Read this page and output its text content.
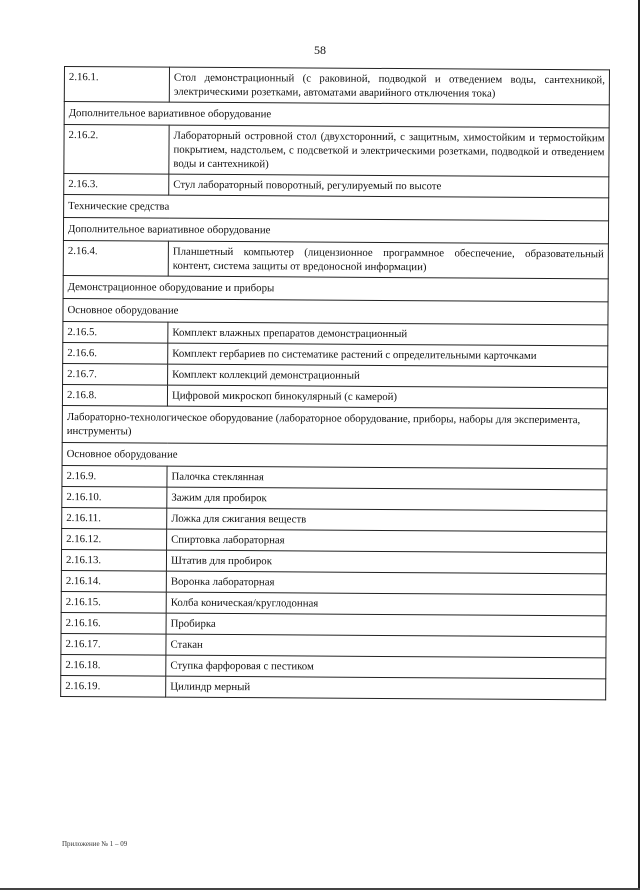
58
2.16.1.	Стол демонстрационный (с раковиной, подводкой и отведением воды, сантехникой, электрическими розетками, автоматами аварийного отключения тока)
Дополнительное вариативное оборудование	
2.16.2.	Лабораторный островной стол (двухсторонний, с защитным, химостойким и термостойким покрытием, надстольем, с подсветкой и электрическими розетками, подводкой и отведением воды и сантехникой)
2.16.3.	Стул лабораторный поворотный, регулируемый по высоте
Технические средства	
Дополнительное вариативное оборудование	
2.16.4.	Планшетный компьютер (лицензионное программное обеспечение, образовательный контент, система защиты от вредоносной информации)
Демонстрационное оборудование и приборы	
Основное оборудование	
2.16.5.	Комплект влажных препаратов демонстрационный
2.16.6.	Комплект гербариев по систематике растений с определительными карточками
2.16.7.	Комплект коллекций демонстрационный
2.16.8.	Цифровой микроскоп бинокулярный (с камерой)
Лабораторно-технологическое оборудование (лабораторное оборудование, приборы, наборы для эксперимента, инструменты)	
Основное оборудование	
2.16.9.	Палочка стеклянная
2.16.10.	Зажим для пробирок
2.16.11.	Ложка для сжигания веществ
2.16.12.	Спиртовка лабораторная
2.16.13.	Штатив для пробирок
2.16.14.	Воронка лабораторная
2.16.15.	Колба коническая/круглодонная
2.16.16.	Пробирка
2.16.17.	Стакан
2.16.18.	Ступка фарфоровая с пестиком
2.16.19.	Цилиндр мерный
Приложение № 1 – 09
